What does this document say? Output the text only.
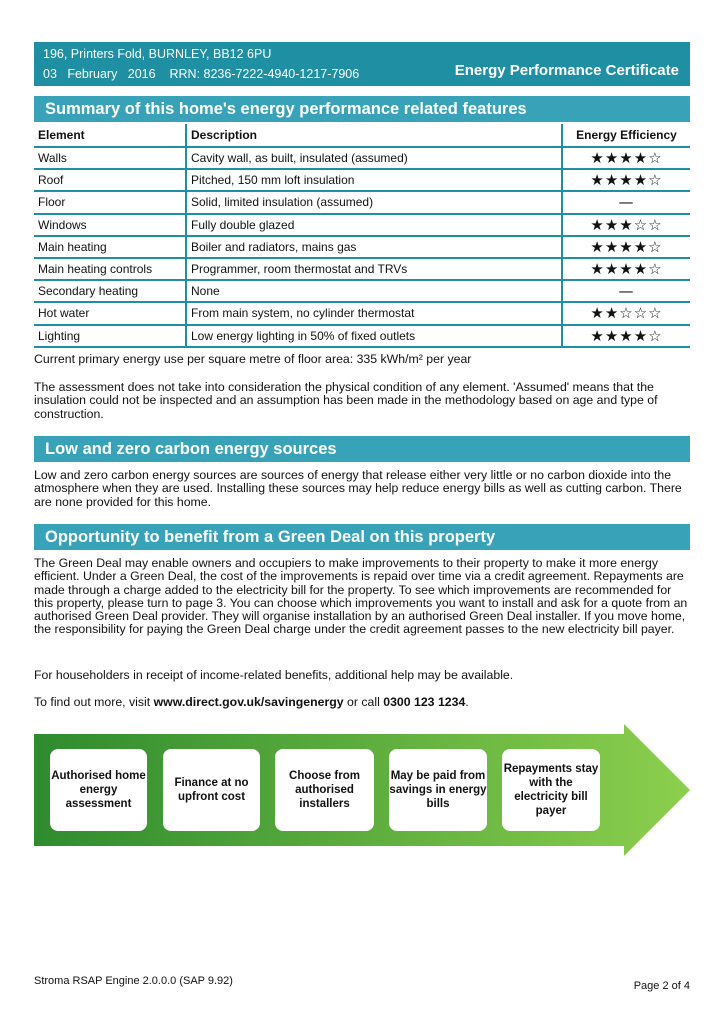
196, Printers Fold, BURNLEY, BB12 6PU
03   February   2016 RRN: 8236-7222-4940-1217-7906	Energy Performance Certificate
Summary of this home's energy performance related features
Element	Description	Energy Efficiency
Walls	Cavity wall, as built, insulated (assumed)	★★★★☆
Roof	Pitched, 150 mm loft insulation	★★★★☆
Floor	Solid, limited insulation (assumed)	—
Windows	Fully double glazed	★★★☆☆
Main heating	Boiler and radiators, mains gas	★★★★☆
Main heating controls	Programmer, room thermostat and TRVs	★★★★☆
Secondary heating	None	—
Hot water	From main system, no cylinder thermostat	★★☆☆☆
Lighting	Low energy lighting in 50% of fixed outlets	★★★★☆

Current primary energy use per square metre of floor area: 335 kWh/m² per year

The assessment does not take into consideration the physical condition of any element. 'Assumed' means that the insulation could not be inspected and an assumption has been made in the methodology based on age and type of construction.

Low and zero carbon energy sources

Low and zero carbon energy sources are sources of energy that release either very little or no carbon dioxide into the atmosphere when they are used. Installing these sources may help reduce energy bills as well as cutting carbon. There are none provided for this home.

Opportunity to benefit from a Green Deal on this property

The Green Deal may enable owners and occupiers to make improvements to their property to make it more energy efficient. Under a Green Deal, the cost of the improvements is repaid over time via a credit agreement. Repayments are made through a charge added to the electricity bill for the property. To see which improvements are recommended for this property, please turn to page 3. You can choose which improvements you want to install and ask for a quote from an authorised Green Deal provider. They will organise installation by an authorised Green Deal installer. If you move home, the responsibility for paying the Green Deal charge under the credit agreement passes to the new electricity bill payer.

For householders in receipt of income-related benefits, additional help may be available.

To find out more, visit www.direct.gov.uk/savingenergy or call 0300 123 1234.

Authorised home energy assessment
Finance at no upfront cost
Choose from authorised installers
May be paid from savings in energy bills
Repayments stay with the electricity bill payer
Stroma RSAP Engine 2.0.0.0 (SAP 9.92)	Page 2 of 4
